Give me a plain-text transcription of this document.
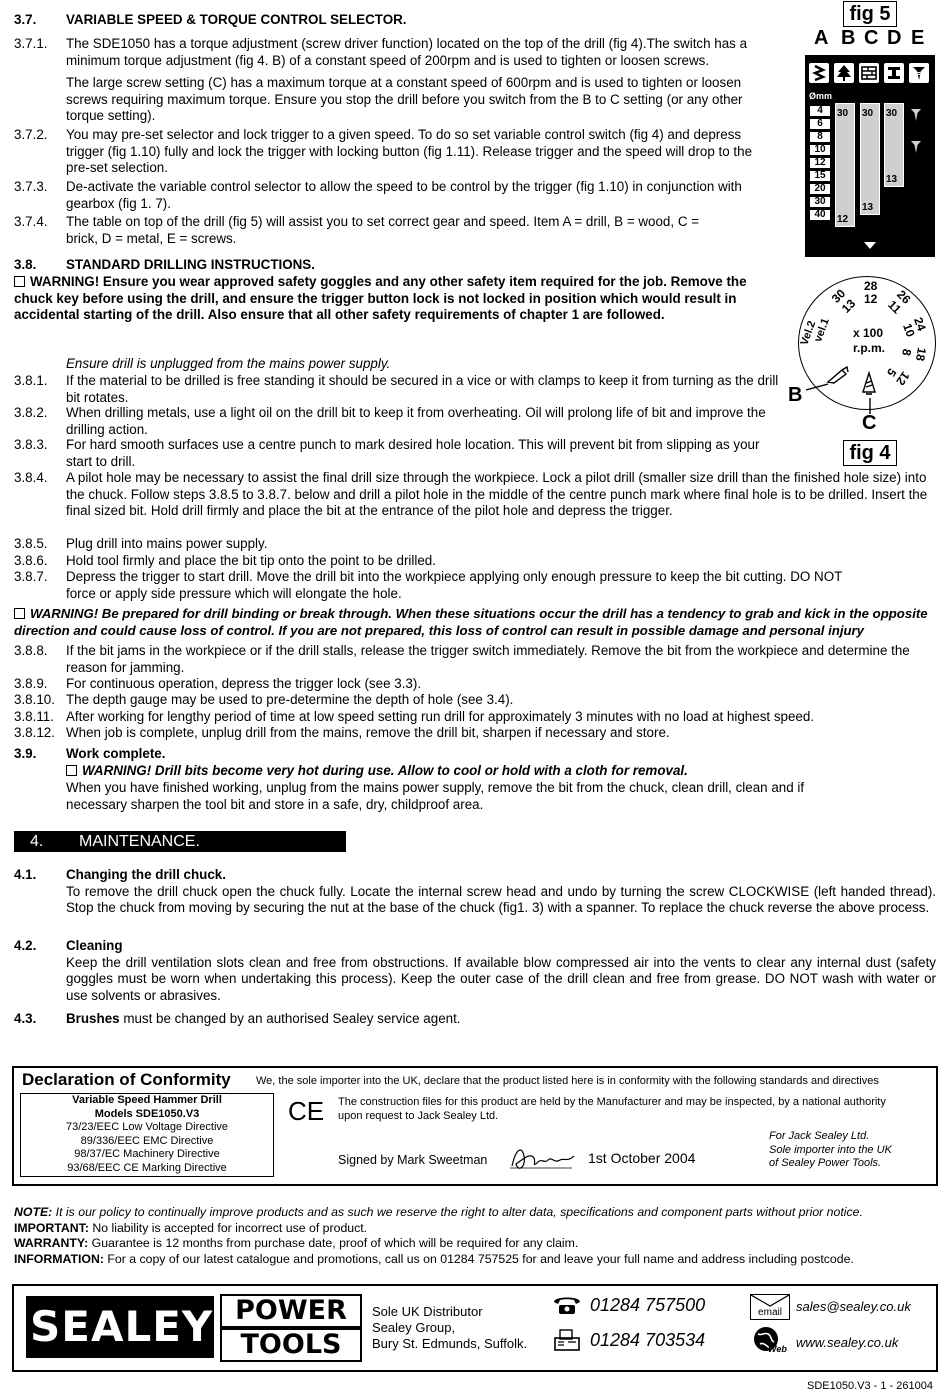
3.7. VARIABLE SPEED & TORQUE CONTROL SELECTOR.
3.7.1. The SDE1050 has a torque adjustment (screw driver function) located on the top of the drill (fig 4).The switch has a minimum torque adjustment (fig 4. B) of a constant speed of 200rpm and is used to tighten or loosen screws.
The large screw setting (C) has a maximum torque at a constant speed of 600rpm and is used to tighten or loosen screws requiring maximum torque. Ensure you stop the drill before you switch from the B to C setting (or any other torque setting).
3.7.2. You may pre-set selector and lock trigger to a given speed. To do so set variable control switch (fig 4) and depress trigger (fig 1.10) fully and lock the trigger with locking button (fig 1.11). Release trigger and the speed will drop to the pre-set selection.
3.7.3. De-activate the variable control selector to allow the speed to be control by the trigger (fig 1.10) in conjunction with gearbox (fig 1. 7).
3.7.4. The table on top of the drill (fig 5) will assist you to set correct gear and speed. Item A = drill, B = wood, C = brick, D = metal, E = screws.
3.8. STANDARD DRILLING INSTRUCTIONS.
WARNING! Ensure you wear approved safety goggles and any other safety item required for the job. Remove the chuck key before using the drill, and ensure the trigger button lock is not locked in position which would result in accidental starting of the drill. Also ensure that all other safety requirements of chapter 1 are followed.
Ensure drill is unplugged from the mains power supply.
3.8.1. If the material to be drilled is free standing it should be secured in a vice or with clamps to keep it from turning as the drill bit rotates.
3.8.2. When drilling metals, use a light oil on the drill bit to keep it from overheating. Oil will prolong life of bit and improve the drilling action.
3.8.3. For hard smooth surfaces use a centre punch to mark desired hole location. This will prevent bit from slipping as your start to drill.
3.8.4. A pilot hole may be necessary to assist the final drill size through the workpiece. Lock a pilot drill (smaller size drill than the finished hole size) into the chuck. Follow steps 3.8.5 to 3.8.7. below and drill a pilot hole in the middle of the centre punch mark where final hole is to be drilled. Insert the final sized bit. Hold drill firmly and place the bit at the entrance of the pilot hole and depress the trigger.
3.8.5. Plug drill into mains power supply.
3.8.6. Hold tool firmly and place the bit tip onto the point to be drilled.
3.8.7. Depress the trigger to start drill. Move the drill bit into the workpiece applying only enough pressure to keep the bit cutting. DO NOT force or apply side pressure which will elongate the hole.
WARNING! Be prepared for drill binding or break through. When these situations occur the drill has a tendency to grab and kick in the opposite direction and could cause loss of control. If you are not prepared, this loss of control can result in possible damage and personal injury
3.8.8. If the bit jams in the workpiece or if the drill stalls, release the trigger switch immediately. Remove the bit from the workpiece and determine the reason for jamming.
3.8.9. For continuous operation, depress the trigger lock (see 3.3).
3.8.10. The depth gauge may be used to pre-determine the depth of hole (see 3.4).
3.8.11. After working for lengthy period of time at low speed setting run drill for approximately 3 minutes with no load at highest speed.
3.8.12. When job is complete, unplug drill from the mains, remove the drill bit, sharpen if necessary and store.
3.9. Work complete.
WARNING! Drill bits become very hot during use. Allow to cool or hold with a cloth for removal.
When you have finished working, unplug from the mains power supply, remove the bit from the chuck, clean drill, clean and if necessary sharpen the tool bit and store in a safe, dry, childproof area.
4. MAINTENANCE.
4.1. Changing the drill chuck.
To remove the drill chuck open the chuck fully. Locate the internal screw head and undo by turning the screw CLOCKWISE (left handed thread). Stop the chuck from moving by securing the nut at the base of the chuck (fig1. 3) with a spanner. To replace the chuck reverse the above process.
4.2. Cleaning
Keep the drill ventilation slots clean and free from obstructions. If available blow compressed air into the vents to clear any internal dust (safety goggles must be worn when undertaking this process). Keep the outer case of the drill clean and free from grease. DO NOT wash with water or use solvents or abrasives.
4.3. Brushes must be changed by an authorised Sealey service agent.
fig 5
A B C D E
Ømm
4
6
8
10
12
15
20
30
40
30
12
30
13
30
13
28
12 26
11
24
10
18
8
12
5
30
13
Vel.2
vel.1 x 100
r.p.m.
B
C
fig 4
Declaration of Conformity We, the sole importer into the UK, declare that the product listed here is in conformity with the following standards and directives
Variable Speed Hammer Drill
Models SDE1050.V3
73/23/EEC Low Voltage Directive
89/336/EEC EMC Directive
98/37/EC Machinery Directive
93/68/EEC CE Marking Directive
CE The construction files for this product are held by the Manufacturer and may be inspected, by a national authority upon request to Jack Sealey Ltd.
Signed by Mark Sweetman	1st October 2004
For Jack Sealey Ltd.
Sole importer into the UK
of Sealey Power Tools.
NOTE: It is our policy to continually improve products and as such we reserve the right to alter data, specifications and component parts without prior notice.
IMPORTANT: No liability is accepted for incorrect use of product.
WARRANTY: Guarantee is 12 months from purchase date, proof of which will be required for any claim.
INFORMATION: For a copy of our latest catalogue and promotions, call us on 01284 757525 for and leave your full name and address including postcode.
SEALEY POWER
TOOLS
Sole UK Distributor
Sealey Group,
Bury St. Edmunds, Suffolk.
01284 757500
01284 703534
email	sales@sealey.co.uk
Web www.sealey.co.uk
SDE1050.V3 - 1 - 261004
